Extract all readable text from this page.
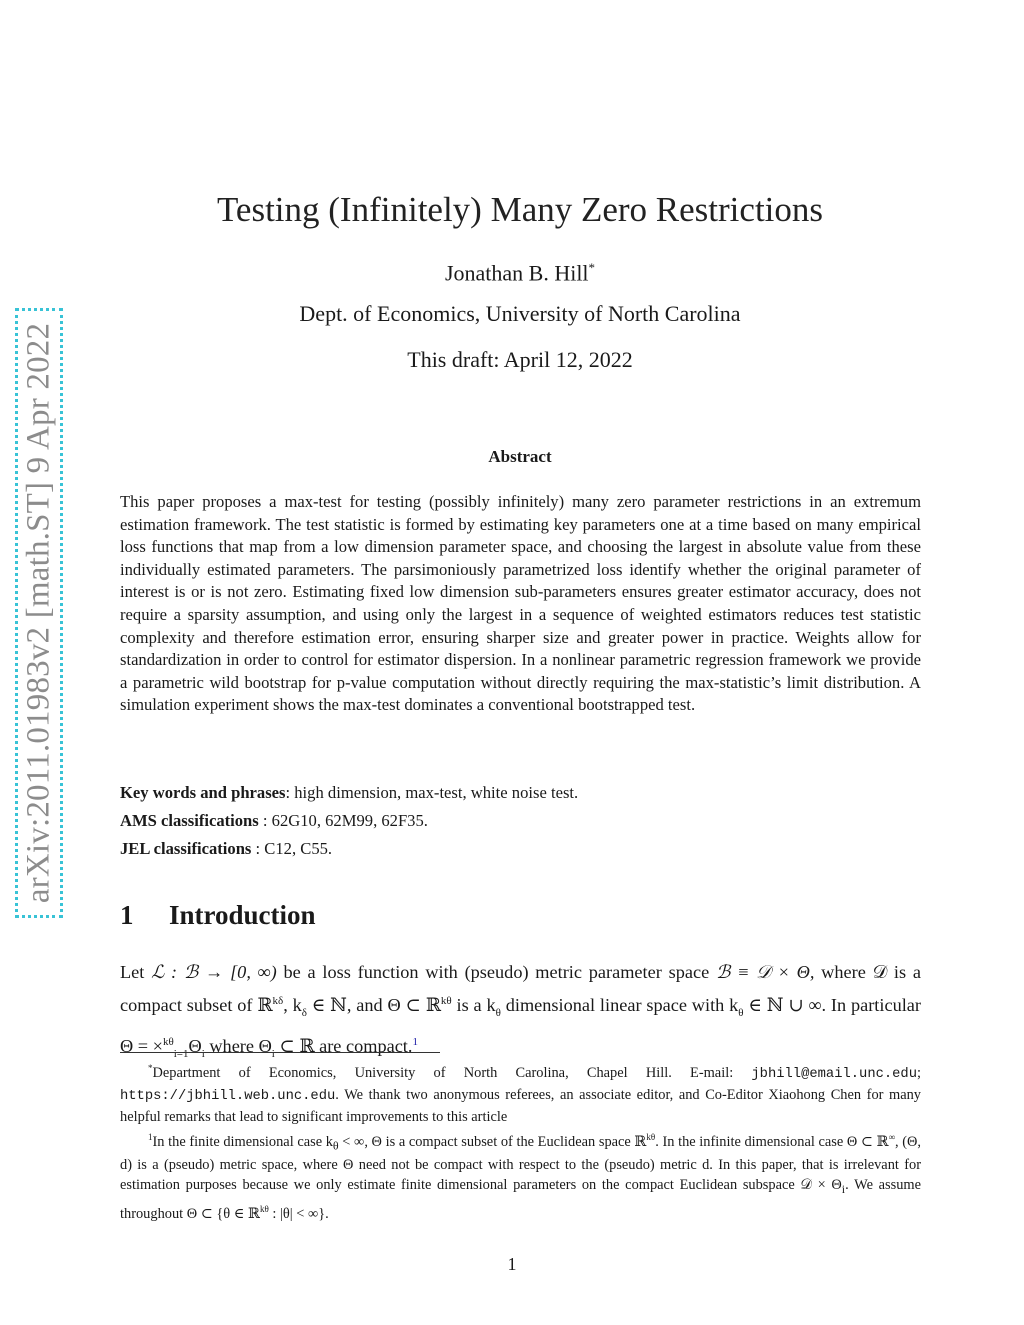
arXiv:2011.01983v2 [math.ST] 9 Apr 2022
Testing (Infinitely) Many Zero Restrictions
Jonathan B. Hill*
Dept. of Economics, University of North Carolina
This draft: April 12, 2022
Abstract
This paper proposes a max-test for testing (possibly infinitely) many zero parameter restrictions in an extremum estimation framework. The test statistic is formed by estimating key parameters one at a time based on many empirical loss functions that map from a low dimension parameter space, and choosing the largest in absolute value from these individually estimated parameters. The parsimoniously parametrized loss identify whether the original parameter of interest is or is not zero. Estimating fixed low dimension sub-parameters ensures greater estimator accuracy, does not require a sparsity assumption, and using only the largest in a sequence of weighted estimators reduces test statistic complexity and therefore estimation error, ensuring sharper size and greater power in practice. Weights allow for standardization in order to control for estimator dispersion. In a nonlinear parametric regression framework we provide a parametric wild bootstrap for p-value computation without directly requiring the max-statistic’s limit distribution. A simulation experiment shows the max-test dominates a conventional bootstrapped test.
Key words and phrases: high dimension, max-test, white noise test.
AMS classifications : 62G10, 62M99, 62F35.
JEL classifications : C12, C55.
1 Introduction
Let ℒ : ℬ → [0, ∞) be a loss function with (pseudo) metric parameter space ℬ ≡ 𝒟 × Θ, where 𝒟 is a compact subset of ℝ$^{k\delta}$, $k_\delta$ ∈ ℕ, and Θ ⊂ ℝ$^{k\theta}$ is a $k_\theta$ dimensional linear space with $k_\theta$ ∈ ℕ ∪ ∞. In particular $\Theta = \times^{k\theta}_{i=1}\Theta_i$ where $\Theta_i$ ⊂ ℝ are compact.$^1$

*Department of Economics, University of North Carolina, Chapel Hill. E-mail: jbhill@email.unc.edu; https://jbhill.web.unc.edu. We thank two anonymous referees, an associate editor, and Co-Editor Xiaohong Chen for many helpful remarks that lead to significant improvements to this article

$^1$In the finite dimensional case $k_\theta$ < ∞, Θ is a compact subset of the Euclidean space ℝ$^{k\theta}$. In the infinite dimensional case Θ ⊂ ℝ∞, (Θ, d) is a (pseudo) metric space, where Θ need not be compact with respect to the (pseudo) metric d. In this paper, that is irrelevant for estimation purposes because we only estimate finite dimensional parameters on the compact Euclidean subspace 𝒟 × $\Theta_i$. We assume throughout Θ ⊂ {θ ∈ ℝ$^{k\theta}$ : |θ| < ∞}.

1
